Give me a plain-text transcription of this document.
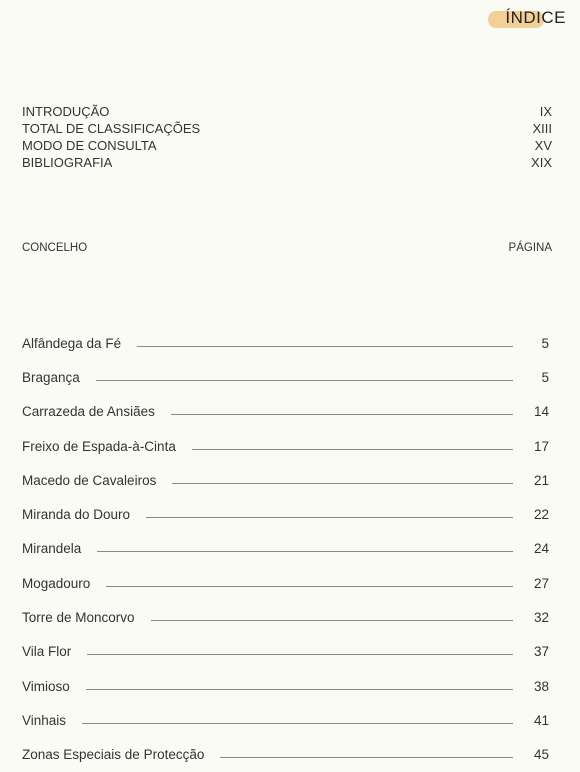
ÍNDICE
INTRODUÇÃO	IX
TOTAL DE CLASSIFICAÇÕES	XIII
MODO DE CONSULTA	XV
BIBLIOGRAFIA	XIX
CONCELHO	PÁGINA
Alfândega da Fé	5
Bragança	5
Carrazeda de Ansiães	14
Freixo de Espada-à-Cinta	17
Macedo de Cavaleiros	21
Miranda do Douro	22
Mirandela	24
Mogadouro	27
Torre de Moncorvo	32
Vila Flor	37
Vimioso	38
Vinhais	41
Zonas Especiais de Protecção	45
